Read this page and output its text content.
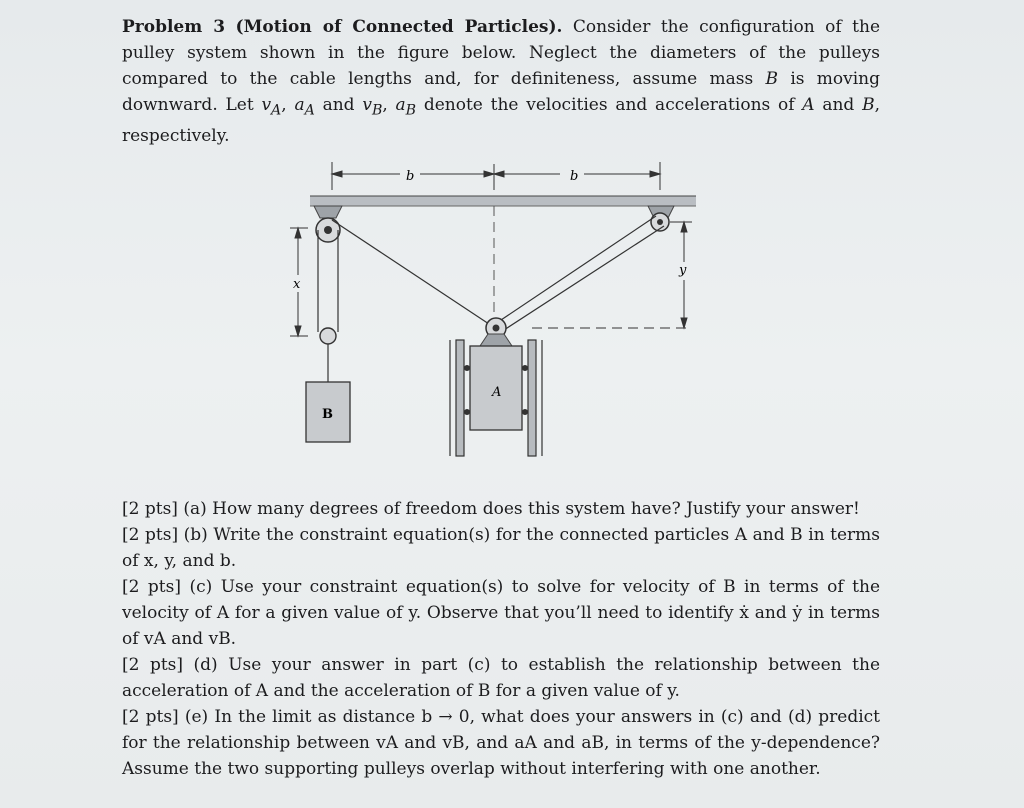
Problem 3 (Motion of Connected Particles). Consider the configuration of the pulley system shown in the figure below. Neglect the diameters of the pulleys compared to the cable lengths and, for definiteness, assume mass B is moving downward. Let $v_A$, $a_A$ and $v_B$, $a_B$ denote the velocities and accelerations of A and B, respectively.
b	b
x
B
A
y

[2 pts] (a) How many degrees of freedom does this system have? Justify your answer!

[2 pts] (b) Write the constraint equation(s) for the connected particles A and B in terms of x, y, and b.

[2 pts] (c) Use your constraint equation(s) to solve for velocity of B in terms of the velocity of A for a given value of y. Observe that you’ll need to identify ẋ and ẏ in terms of vA and vB.

[2 pts] (d) Use your answer in part (c) to establish the relationship between the acceleration of A and the acceleration of B for a given value of y.

[2 pts] (e) In the limit as distance b → 0, what does your answers in (c) and (d) predict for the relationship between vA and vB, and aA and aB, in terms of the y-dependence? Assume the two supporting pulleys overlap without interfering with one another.
